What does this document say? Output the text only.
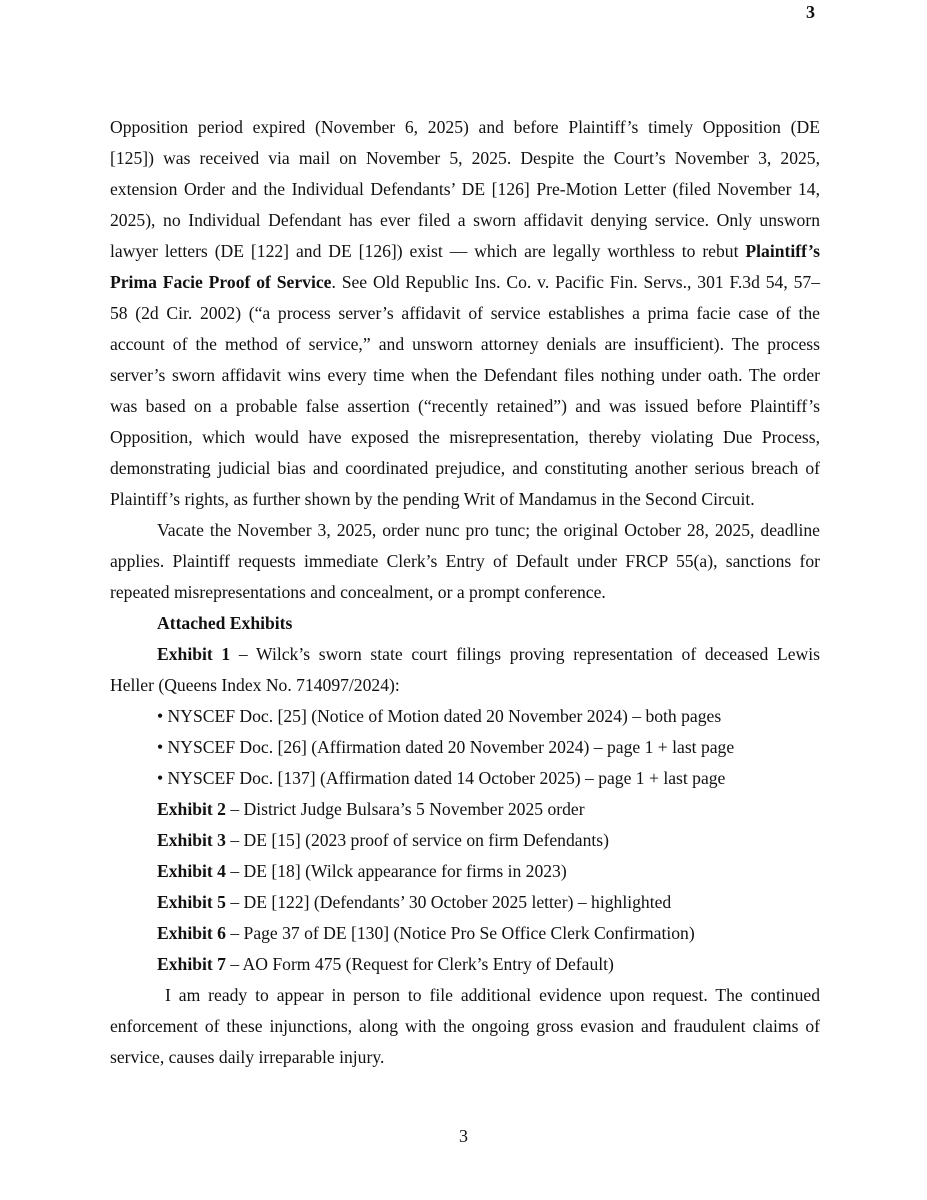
3
Opposition period expired (November 6, 2025) and before Plaintiff’s timely Opposition (DE
[125]) was received via mail on November 5, 2025. Despite the Court’s November 3, 2025,
extension Order and the Individual Defendants’ DE [126] Pre-Motion Letter (filed November 14,
2025), no Individual Defendant has ever filed a sworn affidavit denying service. Only unsworn
lawyer letters (DE [122] and DE [126]) exist — which are legally worthless to rebut Plaintiff’s
Prima Facie Proof of Service. See Old Republic Ins. Co. v. Pacific Fin. Servs., 301 F.3d 54, 57–
58 (2d Cir. 2002) (“a process server’s affidavit of service establishes a prima facie case of the
account of the method of service,” and unsworn attorney denials are insufficient). The process
server’s sworn affidavit wins every time when the Defendant files nothing under oath. The order
was based on a probable false assertion (“recently retained”) and was issued before Plaintiff’s
Opposition, which would have exposed the misrepresentation, thereby violating Due Process,
demonstrating judicial bias and coordinated prejudice, and constituting another serious breach of
Plaintiff’s rights, as further shown by the pending Writ of Mandamus in the Second Circuit.
Vacate the November 3, 2025, order nunc pro tunc; the original October 28, 2025, deadline
applies. Plaintiff requests immediate Clerk’s Entry of Default under FRCP 55(a), sanctions for
repeated misrepresentations and concealment, or a prompt conference.
Attached Exhibits
Exhibit 1 – Wilck’s sworn state court filings proving representation of deceased Lewis
Heller (Queens Index No. 714097/2024):
• NYSCEF Doc. [25] (Notice of Motion dated 20 November 2024) – both pages
• NYSCEF Doc. [26] (Affirmation dated 20 November 2024) – page 1 + last page
• NYSCEF Doc. [137] (Affirmation dated 14 October 2025) – page 1 + last page
Exhibit 2 – District Judge Bulsara’s 5 November 2025 order
Exhibit 3 – DE [15] (2023 proof of service on firm Defendants)
Exhibit 4 – DE [18] (Wilck appearance for firms in 2023)
Exhibit 5 – DE [122] (Defendants’ 30 October 2025 letter) – highlighted
Exhibit 6 – Page 37 of DE [130] (Notice Pro Se Office Clerk Confirmation)
Exhibit 7 – AO Form 475 (Request for Clerk’s Entry of Default)
I am ready to appear in person to file additional evidence upon request. The continued
enforcement of these injunctions, along with the ongoing gross evasion and fraudulent claims of
service, causes daily irreparable injury.
3
